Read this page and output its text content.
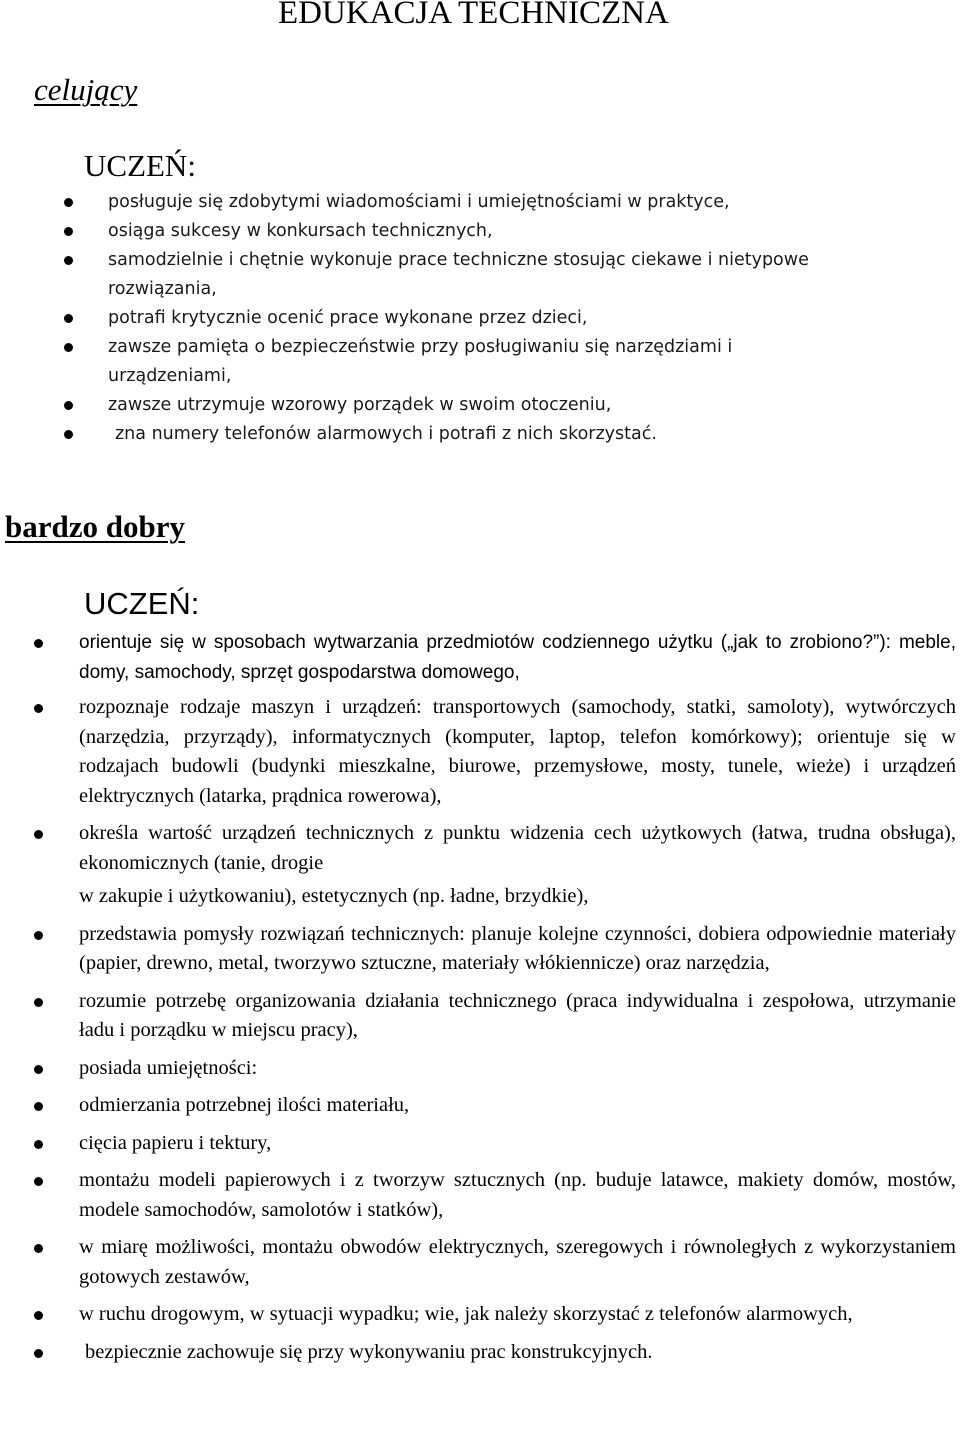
EDUKACJA TECHNICZNA
celujący
UCZEŃ:
posługuje się zdobytymi wiadomościami i umiejętnościami w praktyce,
osiąga sukcesy w konkursach technicznych,
samodzielnie i chętnie wykonuje prace techniczne stosując ciekawe i nietypowe rozwiązania,
potrafi krytycznie ocenić prace wykonane przez dzieci,
zawsze pamięta o bezpieczeństwie przy posługiwaniu się narzędziami i urządzeniami,
zawsze utrzymuje wzorowy porządek w swoim otoczeniu,
zna numery telefonów alarmowych i potrafi z nich skorzystać.
bardzo dobry
UCZEŃ:
orientuje się w sposobach wytwarzania przedmiotów codziennego użytku („jak to zrobiono?”): meble, domy, samochody, sprzęt gospodarstwa domowego,
rozpoznaje rodzaje maszyn i urządzeń: transportowych (samochody, statki, samoloty), wytwórczych (narzędzia, przyrządy), informatycznych (komputer, laptop, telefon komórkowy); orientuje się w rodzajach budowli (budynki mieszkalne, biurowe, przemysłowe, mosty, tunele, wieże) i urządzeń elektrycznych (latarka, prądnica rowerowa),
określa wartość urządzeń technicznych z punktu widzenia cech użytkowych (łatwa, trudna obsługa), ekonomicznych (tanie, drogie
w zakupie i użytkowaniu), estetycznych (np. ładne, brzydkie),
przedstawia pomysły rozwiązań technicznych: planuje kolejne czynności, dobiera odpowiednie materiały (papier, drewno, metal, tworzywo sztuczne, materiały włókiennicze) oraz narzędzia,
rozumie potrzebę organizowania działania technicznego (praca indywidualna i zespołowa, utrzymanie ładu i porządku w miejscu pracy),
posiada umiejętności:
odmierzania potrzebnej ilości materiału,
cięcia papieru i tektury,
montażu modeli papierowych i z tworzyw sztucznych (np. buduje latawce, makiety domów, mostów, modele samochodów, samolotów i statków),
w miarę możliwości, montażu obwodów elektrycznych, szeregowych i równoległych z wykorzystaniem gotowych zestawów,
w ruchu drogowym, w sytuacji wypadku; wie, jak należy skorzystać z telefonów alarmowych,
bezpiecznie zachowuje się przy wykonywaniu prac konstrukcyjnych.
